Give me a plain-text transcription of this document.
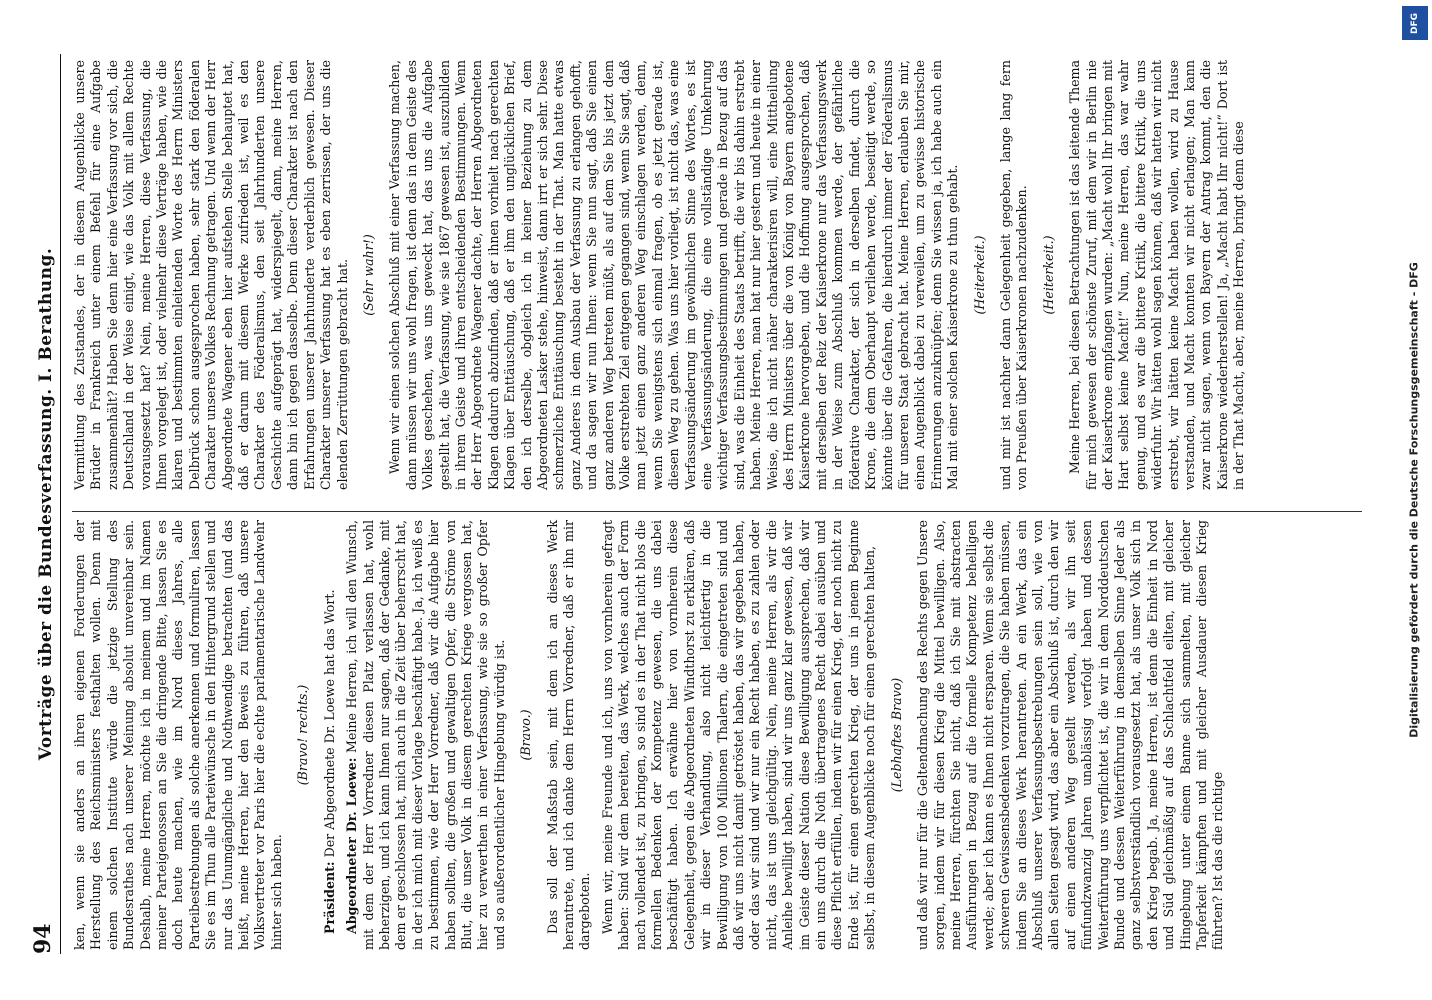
94
Vorträge über die Bundesverfassung. I. Berathung. ken, wenn sie anders an ihren eigenen Forderungen der Herstellung des Reichsministers festhalten wollen. Denn mit einem solchen Institute würde die jetzige Stellung des Bundesrathes nach unserer Meinung absolut unvereinbar sein. Deshalb, meine Herren, möchte ich in meinem und im Namen meiner Parteigenossen an Sie die dringende Bitte, lassen Sie es doch heute machen, wie im Nord dieses Jahres, alle Parteibestrebungen als solche anerkennen und formuliren, lassen Sie es im Thun alle Parteiwünsche in den Hintergrund stellen und nur das Unumgängliche und Nothwendige betrachten (und das heißt, meine Herren, hier den Beweis zu führen, daß unsere Volksvertreter vor Paris hier die echte parlamentarische Landwehr hinter sich haben.

(Bravo! rechts.)

Präsident: Der Abgeordnete Dr. Loewe hat das Wort. Abgeordneter Dr. Loewe: Meine Herren, ich will den Wunsch, mit dem der Herr Vorredner diesen Platz verlassen hat, wohl beherzigen, und ich kann Ihnen nur sagen, daß der Gedanke, mit dem er geschlossen hat, mich auch in die Zeit über beherrscht hat, in der ich mich mit dieser Vorlage beschäftigt habe. Ja, ich weiß es zu bestimmen, wie der Herr Vorredner, daß wir die Aufgabe hier haben sollten, die großen und gewaltigen Opfer, die Ströme von Blut, die unser Volk in diesem gerechten Kriege vergossen hat, hier zu verwerthen in einer Verfassung, wie sie so großer Opfer und so außerordentlicher Hingebung würdig ist. (Bravo.) Das soll der Maßstab sein, mit dem ich an dieses Werk herantrete, und ich danke dem Herrn Vorredner, daß er ihn mir dargeboten. Wenn wir, meine Freunde und ich, uns von vornherein gefragt haben: Sind wir dem bereiten, das Werk, welches auch der Form nach vollendet ist, zu bringen, so sind es in der That nicht blos die formellen Bedenken der Kompetenz gewesen, die uns dabei beschäftigt haben. Ich erwähne hier von vornherein diese Gelegenheit, gegen die Abgeordneten Windthorst zu erklären, daß wir in dieser Verhandlung, also nicht leichtfertig in die Bewilligung von 100 Millionen Thalern, die eingetreten sind und daß wir uns nicht damit getröstet haben, das wir gegeben haben, oder das wir sind und wir nur ein Recht haben, es zu zahlen oder nicht, das ist uns gleichgültig. Nein, meine Herren, als wir die Anleihe bewilligt haben, sind wir uns ganz klar gewesen, daß wir im Geiste dieser Nation diese Bewilligung aussprechen, daß wir ein uns durch die Noth übertragenes Recht dabei ausüben und diese Pflicht erfüllen, indem wir für einen Krieg, der noch nicht zu Ende ist, für einen gerechten Krieg, der uns in jenem Beginne selbst, in diesem Augenblicke noch für einen gerechten halten, (Lebhaftes Bravo) und daß wir nur für die Geltendmachung des Rechts gegen Unsere sorgen, indem wir für diesen Krieg die Mittel bewilligen. Also, meine Herren, fürchten Sie nicht, daß ich Sie mit abstracten Ausführungen in Bezug auf die formelle Kompetenz behelligen werde; aber ich kann es Ihnen nicht ersparen. Wenn sie selbst die schweren Gewissensbedenken vorzutragen, die Sie haben müssen, indem Sie an dieses Werk herantreten. An ein Werk, das ein Abschluß unserer Verfassungsbestrebungen sein soll, wie von allen Seiten gesagt wird, das aber ein Abschluß ist, durch den wir auf einen anderen Weg gestellt werden, als wir ihn seit fünfundzwanzig Jahren unablässig verfolgt haben und dessen Weiterführung uns verpflichtet ist, die wir in dem Norddeutschen Bunde und dessen Weiterführung in demselben Sinne Jeder als ganz selbstverständlich vorausgesetzt hat, als unser Volk sich in den Krieg begab. Ja, meine Herren, ist denn die Einheit in Nord und Süd gleichmäßig auf das Schlachtfeld eilten, mit gleicher Hingebung unter einem Banne sich sammelten, mit gleicher Tapferkeit kämpften und mit gleicher Ausdauer diesen Krieg führten? Ist das die richtige

Vermittlung des Zustandes, der in diesem Augenblicke unsere Brüder in Frankreich unter einem Befehl für eine Aufgabe zusammenhält? Haben Sie denn hier eine Verfassung vor sich, die Deutschland in der Weise einigt, wie das Volk mit allem Rechte vorausgesetzt hat? Nein, meine Herren, diese Verfassung, die Ihnen vorgelegt ist, oder vielmehr diese Verträge haben, wie die klaren und bestimmten einleitenden Worte des Herrn Ministers Delbrück schon ausgesprochen haben, sehr stark den föderalen Charakter unseres Volkes Rechnung getragen. Und wenn der Herr Abgeordnete Wagener eben hier aufstehen Stelle behauptet hat, daß er darum mit diesem Werke zufrieden ist, weil es den Charakter des Föderalismus, den seit Jahrhunderten unsere Geschichte aufgeprägt hat, widerspiegelt, dann, meine Herren, dann bin ich gegen dasselbe. Denn dieser Charakter ist nach den Erfahrungen unserer Jahrhunderte verderblich gewesen. Dieser Charakter unserer Verfassung hat es eben zerrissen, der uns die elenden Zerrüttungen gebracht hat. (Sehr wahr!) Wenn wir einen solchen Abschluß mit einer Verfassung machen, dann müssen wir uns wohl fragen, ist denn das in dem Geiste des Volkes geschehen, was uns geweckt hat, das uns die Aufgabe gestellt hat, die Verfassung, wie sie 1867 gewesen ist, auszubilden in ihrem Geiste und ihren entscheidenden Bestimmungen. Wenn der Herr Abgeordnete Wagener dachte, der Herren Abgeordneten Klagen dadurch abzufinden, daß er ihnen vorhielt nach gerechten Klagen über Enttäuschung, daß er ihm den unglücklichen Brief, den ich derselbe, obgleich ich in keiner Beziehung zu dem Abgeordneten Lasker stehe, hinweist, dann irrt er sich sehr. Diese schmerzliche Enttäuschung besteht in der That. Man hatte etwas ganz Anderes in dem Ausbau der Verfassung zu erlangen gehofft, und da sagen wir nun Ihnen: wenn Sie nun sagt, daß Sie einen ganz anderen Weg betreten müßt, als auf dem Sie bis jetzt dem Volke erstrebten Ziel entgegen gegangen sind, wenn Sie sagt, daß man jetzt einen ganz anderen Weg einschlagen werden, denn, wenn Sie wenigstens sich einmal fragen, ob es jetzt gerade ist, diesen Weg zu gehen. Was uns hier vorliegt, ist nicht das, was eine Verfassungsänderung im gewöhnlichen Sinne des Wortes, es ist eine Verfassungsänderung, die eine vollständige Umkehrung wichtiger Verfassungsbestimmungen und gerade in Bezug auf das sind, was die Einheit des Staats betrifft, die wir bis dahin erstrebt haben. Meine Herren, man hat nur hier gestern und heute in einer Weise, die ich nicht näher charakterisiren will, eine Mittheilung des Herrn Ministers über die von König von Bayern angebotene Kaiserkrone hervorgeben, und die Hoffnung ausgesprochen, daß mit derselben der Reiz der Kaiserkrone nur das Verfassungswerk in der Weise zum Abschluß kommen werde, der gefährliche föderative Charakter, der sich in derselben findet, durch die Krone, die dem Oberhaupt verliehen werde, beseitigt werde, so könnte über die Gefahren, die hierdurch immer der Föderalismus für unseren Staat gebracht hat. Meine Herren, erlauben Sie mir, einen Augenblick dabei zu verweilen, um zu gewisse historische Erinnerungen anzuknüpfen; denn Sie wissen ja, ich habe auch ein Mal mit einer solchen Kaiserkrone zu thun gehabt. (Heiterkeit.) und mir ist nachher dann Gelegenheit gegeben, lange lang fern von Preußen über Kaiserkronen nachzudenken. (Heiterkeit.) Meine Herren, bei diesen Betrachtungen ist das leitende Thema für mich gewesen der schönste Zuruf, mit dem wir in Berlin nie der Kaiserkrone empfangen wurden: „Macht wohl Ihr bringen mit Hart selbst keine Macht!“ Nun, meine Herren, das war wahr genug, und es war die bittere Kritik, die bittere Kritik, die uns widerfuhr. Wir hätten wohl sagen können, daß wir hatten wir nicht erstrebt, wir hätten keine Macht haben wollen, wird zu Hause verstanden, und Macht konnten wir nicht erlangen; Man kann zwar nicht sagen, wenn von Bayern der Antrag kommt, den die Kaiserkrone wiederherstellen! Ja, „Macht habt Ihr nicht!“ Dort ist in der That Macht, aber, meine Herren, bringt denn diese

DFG
Digitalisierung gefördert durch die Deutsche Forschungsgemeinschaft - DFG
